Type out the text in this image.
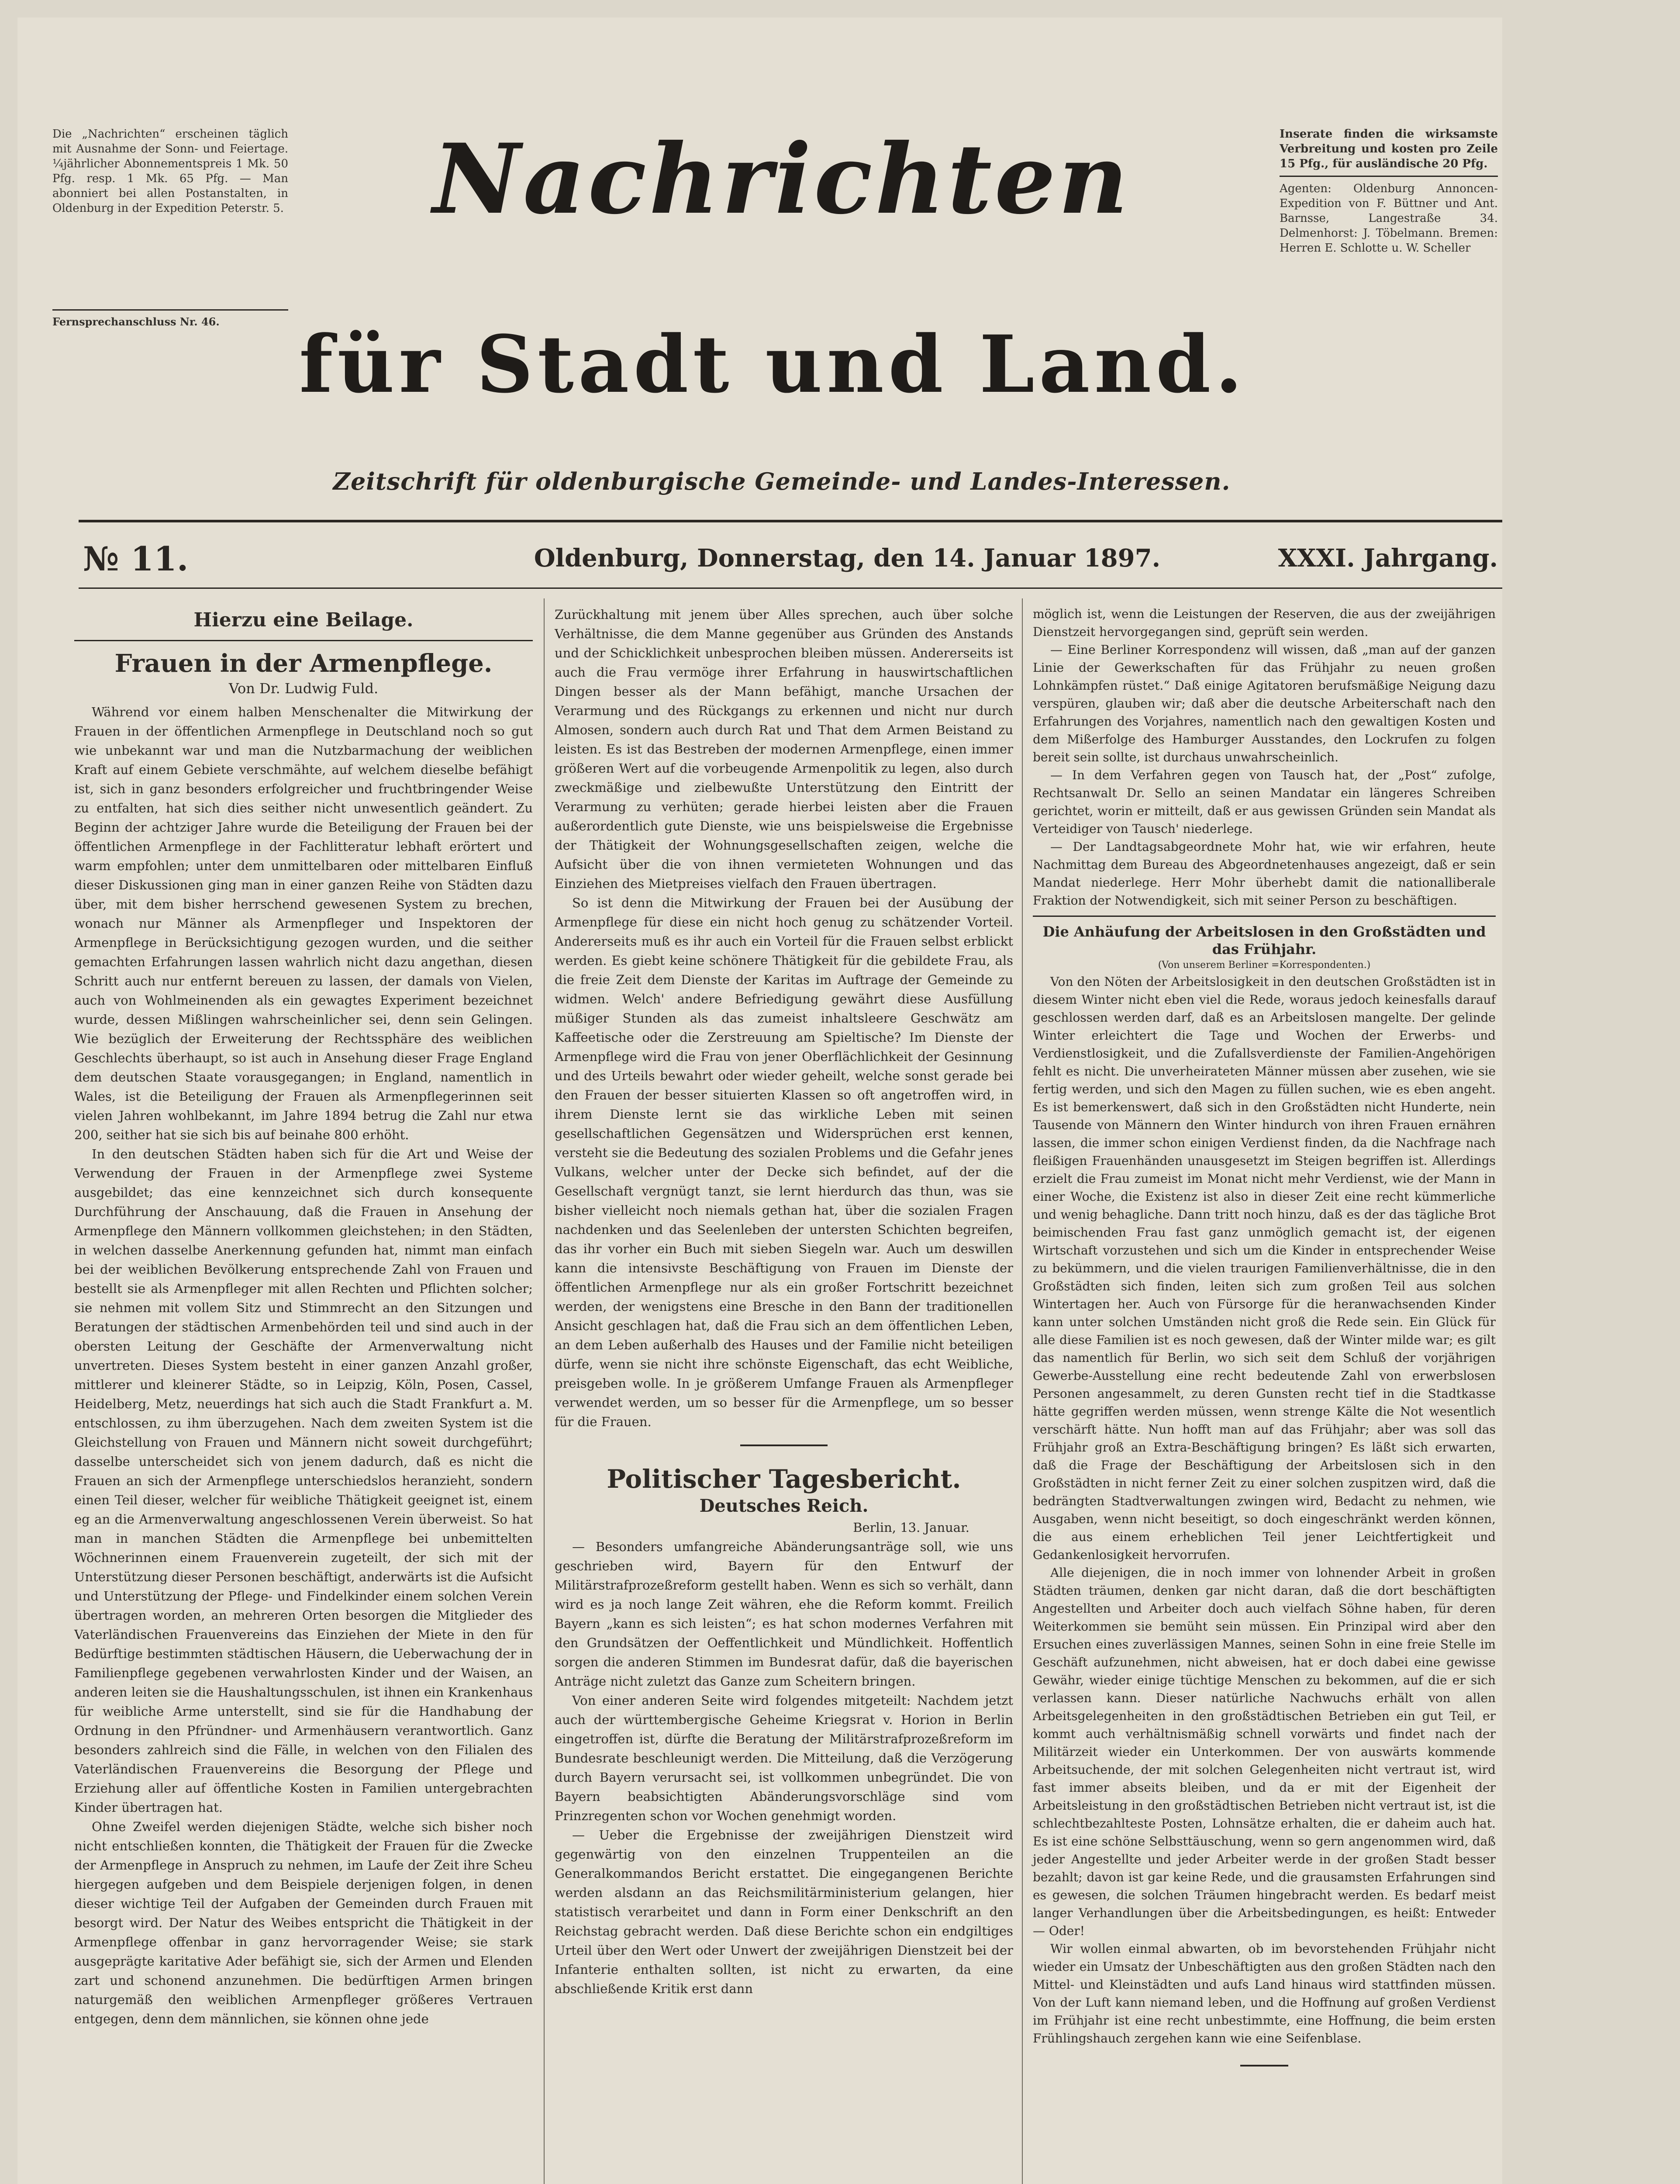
Die „Nachrichten“ erscheinen täglich mit Ausnahme der Sonn- und Feiertage. ¼jährlicher Abonnementspreis 1 Mk. 50 Pfg. resp. 1 Mk. 65 Pfg. — Man abonniert bei allen Postanstalten, in Oldenburg in der Expedition Peterstr. 5.
Fernsprechanschluss Nr. 46.
Inserate finden die wirksamste Verbreitung und kosten pro Zeile 15 Pfg., für ausländische 20 Pfg.
Agenten: Oldenburg Annoncen-Expedition von F. Büttner und Ant. Barnsse, Langestraße 34. Delmenhorst: J. Töbelmann. Bremen: Herren E. Schlotte u. W. Scheller
Nachrichten
für Stadt und Land.
Zeitschrift für oldenburgische Gemeinde- und Landes-Interessen.
№ 11.	Oldenburg, Donnerstag, den 14. Januar 1897.	XXXI. Jahrgang.
Hierzu eine Beilage.
Frauen in der Armenpflege.
Von Dr. Ludwig Fuld.

Während vor einem halben Menschenalter die Mitwirkung der Frauen in der öffentlichen Armenpflege in Deutschland noch so gut wie unbekannt war und man die Nutzbarmachung der weiblichen Kraft auf einem Gebiete verschmähte, auf welchem dieselbe befähigt ist, sich in ganz besonders erfolgreicher und fruchtbringender Weise zu entfalten, hat sich dies seither nicht unwesentlich geändert. Zu Beginn der achtziger Jahre wurde die Beteiligung der Frauen bei der öffentlichen Armenpflege in der Fachlitteratur lebhaft erörtert und warm empfohlen; unter dem unmittelbaren oder mittelbaren Einfluß dieser Diskussionen ging man in einer ganzen Reihe von Städten dazu über, mit dem bisher herrschend gewesenen System zu brechen, wonach nur Männer als Armenpfleger und Inspektoren der Armenpflege in Berücksichtigung gezogen wurden, und die seither gemachten Erfahrungen lassen wahrlich nicht dazu angethan, diesen Schritt auch nur entfernt bereuen zu lassen, der damals von Vielen, auch von Wohlmeinenden als ein gewagtes Experiment bezeichnet wurde, dessen Mißlingen wahrscheinlicher sei, denn sein Gelingen. Wie bezüglich der Erweiterung der Rechtssphäre des weiblichen Geschlechts überhaupt, so ist auch in Ansehung dieser Frage England dem deutschen Staate vorausgegangen; in England, namentlich in Wales, ist die Beteiligung der Frauen als Armenpflegerinnen seit vielen Jahren wohlbekannt, im Jahre 1894 betrug die Zahl nur etwa 200, seither hat sie sich bis auf beinahe 800 erhöht.

In den deutschen Städten haben sich für die Art und Weise der Verwendung der Frauen in der Armenpflege zwei Systeme ausgebildet; das eine kennzeichnet sich durch konsequente Durchführung der Anschauung, daß die Frauen in Ansehung der Armenpflege den Männern vollkommen gleichstehen; in den Städten, in welchen dasselbe Anerkennung gefunden hat, nimmt man einfach bei der weiblichen Bevölkerung entsprechende Zahl von Frauen und bestellt sie als Armenpfleger mit allen Rechten und Pflichten solcher; sie nehmen mit vollem Sitz und Stimmrecht an den Sitzungen und Beratungen der städtischen Armenbehörden teil und sind auch in der obersten Leitung der Geschäfte der Armenverwaltung nicht unvertreten. Dieses System besteht in einer ganzen Anzahl großer, mittlerer und kleinerer Städte, so in Leipzig, Köln, Posen, Cassel, Heidelberg, Metz, neuerdings hat sich auch die Stadt Frankfurt a. M. entschlossen, zu ihm überzugehen. Nach dem zweiten System ist die Gleichstellung von Frauen und Männern nicht soweit durchgeführt; dasselbe unterscheidet sich von jenem dadurch, daß es nicht die Frauen an sich der Armenpflege unterschiedslos heranzieht, sondern einen Teil dieser, welcher für weibliche Thätigkeit geeignet ist, einem eg an die Armenverwaltung angeschlossenen Verein überweist. So hat man in manchen Städten die Armenpflege bei unbemittelten Wöchnerinnen einem Frauenverein zugeteilt, der sich mit der Unterstützung dieser Personen beschäftigt, anderwärts ist die Aufsicht und Unterstützung der Pflege- und Findelkinder einem solchen Verein übertragen worden, an mehreren Orten besorgen die Mitglieder des Vaterländischen Frauenvereins das Einziehen der Miete in den für Bedürftige bestimmten städtischen Häusern, die Ueberwachung der in Familienpflege gegebenen verwahrlosten Kinder und der Waisen, an anderen leiten sie die Haushaltungsschulen, ist ihnen ein Krankenhaus für weibliche Arme unterstellt, sind sie für die Handhabung der Ordnung in den Pfründner- und Armenhäusern verantwortlich. Ganz besonders zahlreich sind die Fälle, in welchen von den Filialen des Vaterländischen Frauenvereins die Besorgung der Pflege und Erziehung aller auf öffentliche Kosten in Familien untergebrachten Kinder übertragen hat.

Ohne Zweifel werden diejenigen Städte, welche sich bisher noch nicht entschließen konnten, die Thätigkeit der Frauen für die Zwecke der Armenpflege in Anspruch zu nehmen, im Laufe der Zeit ihre Scheu hiergegen aufgeben und dem Beispiele derjenigen folgen, in denen dieser wichtige Teil der Aufgaben der Gemeinden durch Frauen mit besorgt wird. Der Natur des Weibes entspricht die Thätigkeit in der Armenpflege offenbar in ganz hervorragender Weise; sie stark ausgeprägte karitative Ader befähigt sie, sich der Armen und Elenden zart und schonend anzunehmen. Die bedürftigen Armen bringen naturgemäß den weiblichen Armenpfleger größeres Vertrauen entgegen, denn dem männlichen, sie können ohne jede

Zurückhaltung mit jenem über Alles sprechen, auch über solche Verhältnisse, die dem Manne gegenüber aus Gründen des Anstands und der Schicklichkeit unbesprochen bleiben müssen. Andererseits ist auch die Frau vermöge ihrer Erfahrung in hauswirtschaftlichen Dingen besser als der Mann befähigt, manche Ursachen der Verarmung und des Rückgangs zu erkennen und nicht nur durch Almosen, sondern auch durch Rat und That dem Armen Beistand zu leisten. Es ist das Bestreben der modernen Armenpflege, einen immer größeren Wert auf die vorbeugende Armenpolitik zu legen, also durch zweckmäßige und zielbewußte Unterstützung den Eintritt der Verarmung zu verhüten; gerade hierbei leisten aber die Frauen außerordentlich gute Dienste, wie uns beispielsweise die Ergebnisse der Thätigkeit der Wohnungsgesellschaften zeigen, welche die Aufsicht über die von ihnen vermieteten Wohnungen und das Einziehen des Mietpreises vielfach den Frauen übertragen.

So ist denn die Mitwirkung der Frauen bei der Ausübung der Armenpflege für diese ein nicht hoch genug zu schätzender Vorteil. Andererseits muß es ihr auch ein Vorteil für die Frauen selbst erblickt werden. Es giebt keine schönere Thätigkeit für die gebildete Frau, als die freie Zeit dem Dienste der Karitas im Auftrage der Gemeinde zu widmen. Welch' andere Befriedigung gewährt diese Ausfüllung müßiger Stunden als das zumeist inhaltsleere Geschwätz am Kaffeetische oder die Zerstreuung am Spieltische? Im Dienste der Armenpflege wird die Frau von jener Oberflächlichkeit der Gesinnung und des Urteils bewahrt oder wieder geheilt, welche sonst gerade bei den Frauen der besser situierten Klassen so oft angetroffen wird, in ihrem Dienste lernt sie das wirkliche Leben mit seinen gesellschaftlichen Gegensätzen und Widersprüchen erst kennen, versteht sie die Bedeutung des sozialen Problems und die Gefahr jenes Vulkans, welcher unter der Decke sich befindet, auf der die Gesellschaft vergnügt tanzt, sie lernt hierdurch das thun, was sie bisher vielleicht noch niemals gethan hat, über die sozialen Fragen nachdenken und das Seelenleben der untersten Schichten begreifen, das ihr vorher ein Buch mit sieben Siegeln war. Auch um deswillen kann die intensivste Beschäftigung von Frauen im Dienste der öffentlichen Armenpflege nur als ein großer Fortschritt bezeichnet werden, der wenigstens eine Bresche in den Bann der traditionellen Ansicht geschlagen hat, daß die Frau sich an dem öffentlichen Leben, an dem Leben außerhalb des Hauses und der Familie nicht beteiligen dürfe, wenn sie nicht ihre schönste Eigenschaft, das echt Weibliche, preisgeben wolle. In je größerem Umfange Frauen als Armenpfleger verwendet werden, um so besser für die Armenpflege, um so besser für die Frauen.

Politischer Tagesbericht.
Deutsches Reich.
Berlin, 13. Januar.

— Besonders umfangreiche Abänderungsanträge soll, wie uns geschrieben wird, Bayern für den Entwurf der Militärstrafprozeßreform gestellt haben. Wenn es sich so verhält, dann wird es ja noch lange Zeit währen, ehe die Reform kommt. Freilich Bayern „kann es sich leisten“; es hat schon modernes Verfahren mit den Grundsätzen der Oeffentlichkeit und Mündlichkeit. Hoffentlich sorgen die anderen Stimmen im Bundesrat dafür, daß die bayerischen Anträge nicht zuletzt das Ganze zum Scheitern bringen.

Von einer anderen Seite wird folgendes mitgeteilt: Nachdem jetzt auch der württembergische Geheime Kriegsrat v. Horion in Berlin eingetroffen ist, dürfte die Beratung der Militärstrafprozeßreform im Bundesrate beschleunigt werden. Die Mitteilung, daß die Verzögerung durch Bayern verursacht sei, ist vollkommen unbegründet. Die von Bayern beabsichtigten Abänderungsvorschläge sind vom Prinzregenten schon vor Wochen genehmigt worden.

— Ueber die Ergebnisse der zweijährigen Dienstzeit wird gegenwärtig von den einzelnen Truppenteilen an die Generalkommandos Bericht erstattet. Die eingegangenen Berichte werden alsdann an das Reichsmilitärministerium gelangen, hier statistisch verarbeitet und dann in Form einer Denkschrift an den Reichstag gebracht werden. Daß diese Berichte schon ein endgiltiges Urteil über den Wert oder Unwert der zweijährigen Dienstzeit bei der Infanterie enthalten sollten, ist nicht zu erwarten, da eine abschließende Kritik erst dann

möglich ist, wenn die Leistungen der Reserven, die aus der zweijährigen Dienstzeit hervorgegangen sind, geprüft sein werden.

— Eine Berliner Korrespondenz will wissen, daß „man auf der ganzen Linie der Gewerkschaften für das Frühjahr zu neuen großen Lohnkämpfen rüstet.“ Daß einige Agitatoren berufsmäßige Neigung dazu verspüren, glauben wir; daß aber die deutsche Arbeiterschaft nach den Erfahrungen des Vorjahres, namentlich nach den gewaltigen Kosten und dem Mißerfolge des Hamburger Ausstandes, den Lockrufen zu folgen bereit sein sollte, ist durchaus unwahrscheinlich.

— In dem Verfahren gegen von Tausch hat, der „Post“ zufolge, Rechtsanwalt Dr. Sello an seinen Mandatar ein längeres Schreiben gerichtet, worin er mitteilt, daß er aus gewissen Gründen sein Mandat als Verteidiger von Tausch' niederlege.

— Der Landtagsabgeordnete Mohr hat, wie wir erfahren, heute Nachmittag dem Bureau des Abgeordnetenhauses angezeigt, daß er sein Mandat niederlege. Herr Mohr überhebt damit die nationalliberale Fraktion der Notwendigkeit, sich mit seiner Person zu beschäftigen.

Die Anhäufung der Arbeitslosen in den Großstädten und das Frühjahr.
(Von unserem Berliner =Korrespondenten.)

Von den Nöten der Arbeitslosigkeit in den deutschen Großstädten ist in diesem Winter nicht eben viel die Rede, woraus jedoch keinesfalls darauf geschlossen werden darf, daß es an Arbeitslosen mangelte. Der gelinde Winter erleichtert die Tage und Wochen der Erwerbs- und Verdienstlosigkeit, und die Zufallsverdienste der Familien-Angehörigen fehlt es nicht. Die unverheirateten Männer müssen aber zusehen, wie sie fertig werden, und sich den Magen zu füllen suchen, wie es eben angeht. Es ist bemerkenswert, daß sich in den Großstädten nicht Hunderte, nein Tausende von Männern den Winter hindurch von ihren Frauen ernähren lassen, die immer schon einigen Verdienst finden, da die Nachfrage nach fleißigen Frauenhänden unausgesetzt im Steigen begriffen ist. Allerdings erzielt die Frau zumeist im Monat nicht mehr Verdienst, wie der Mann in einer Woche, die Existenz ist also in dieser Zeit eine recht kümmerliche und wenig behagliche. Dann tritt noch hinzu, daß es der das tägliche Brot beimischenden Frau fast ganz unmöglich gemacht ist, der eigenen Wirtschaft vorzustehen und sich um die Kinder in entsprechender Weise zu bekümmern, und die vielen traurigen Familienverhältnisse, die in den Großstädten sich finden, leiten sich zum großen Teil aus solchen Wintertagen her. Auch von Fürsorge für die heranwachsenden Kinder kann unter solchen Umständen nicht groß die Rede sein. Ein Glück für alle diese Familien ist es noch gewesen, daß der Winter milde war; es gilt das namentlich für Berlin, wo sich seit dem Schluß der vorjährigen Gewerbe-Ausstellung eine recht bedeutende Zahl von erwerbslosen Personen angesammelt, zu deren Gunsten recht tief in die Stadtkasse hätte gegriffen werden müssen, wenn strenge Kälte die Not wesentlich verschärft hätte. Nun hofft man auf das Frühjahr; aber was soll das Frühjahr groß an Extra-Beschäftigung bringen? Es läßt sich erwarten, daß die Frage der Beschäftigung der Arbeitslosen sich in den Großstädten in nicht ferner Zeit zu einer solchen zuspitzen wird, daß die bedrängten Stadtverwaltungen zwingen wird, Bedacht zu nehmen, wie Ausgaben, wenn nicht beseitigt, so doch eingeschränkt werden können, die aus einem erheblichen Teil jener Leichtfertigkeit und Gedankenlosigkeit hervorrufen.

Alle diejenigen, die in noch immer von lohnender Arbeit in großen Städten träumen, denken gar nicht daran, daß die dort beschäftigten Angestellten und Arbeiter doch auch vielfach Söhne haben, für deren Weiterkommen sie bemüht sein müssen. Ein Prinzipal wird aber den Ersuchen eines zuverlässigen Mannes, seinen Sohn in eine freie Stelle im Geschäft aufzunehmen, nicht abweisen, hat er doch dabei eine gewisse Gewähr, wieder einige tüchtige Menschen zu bekommen, auf die er sich verlassen kann. Dieser natürliche Nachwuchs erhält von allen Arbeitsgelegenheiten in den großstädtischen Betrieben ein gut Teil, er kommt auch verhältnismäßig schnell vorwärts und findet nach der Militärzeit wieder ein Unterkommen. Der von auswärts kommende Arbeitsuchende, der mit solchen Gelegenheiten nicht vertraut ist, wird fast immer abseits bleiben, und da er mit der Eigenheit der Arbeitsleistung in den großstädtischen Betrieben nicht vertraut ist, ist die schlechtbezahlteste Posten, Lohnsätze erhalten, die er daheim auch hat. Es ist eine schöne Selbsttäuschung, wenn so gern angenommen wird, daß jeder Angestellte und jeder Arbeiter werde in der großen Stadt besser bezahlt; davon ist gar keine Rede, und die grausamsten Erfahrungen sind es gewesen, die solchen Träumen hingebracht werden. Es bedarf meist langer Verhandlungen über die Arbeitsbedingungen, es heißt: Entweder — Oder!

Wir wollen einmal abwarten, ob im bevorstehenden Frühjahr nicht wieder ein Umsatz der Unbeschäftigten aus den großen Städten nach den Mittel- und Kleinstädten und aufs Land hinaus wird stattfinden müssen. Von der Luft kann niemand leben, und die Hoffnung auf großen Verdienst im Frühjahr ist eine recht unbestimmte, eine Hoffnung, die beim ersten Frühlingshauch zergehen kann wie eine Seifenblase.
